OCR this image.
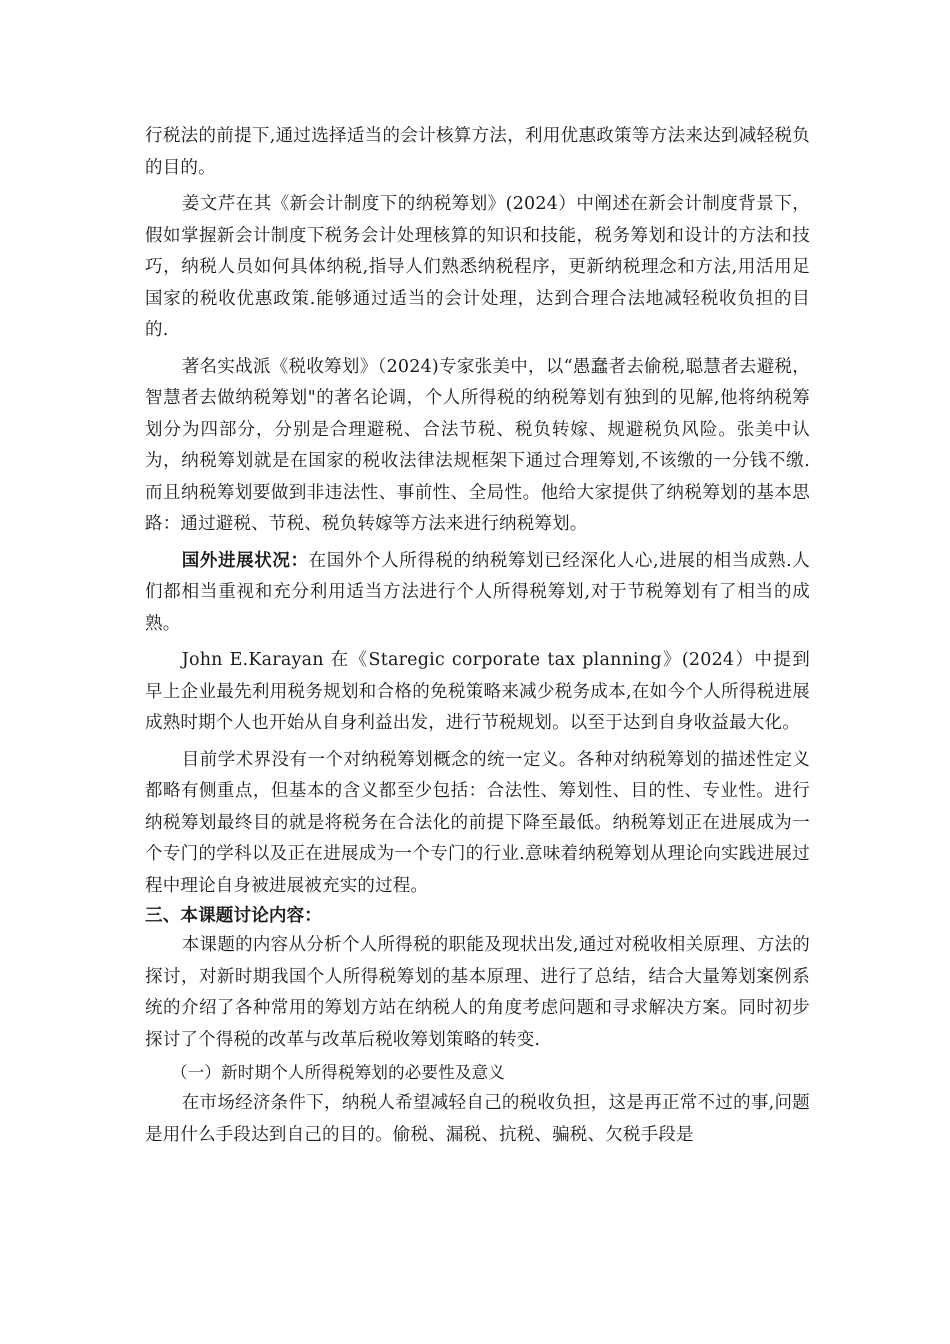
行税法的前提下,通过选择适当的会计核算方法，利用优惠政策等方法来达到减轻税负的目的。

姜文芹在其《新会计制度下的纳税筹划》(2024）中阐述在新会计制度背景下，假如掌握新会计制度下税务会计处理核算的知识和技能，税务筹划和设计的方法和技巧，纳税人员如何具体纳税,指导人们熟悉纳税程序，更新纳税理念和方法,用活用足国家的税收优惠政策.能够通过适当的会计处理，达到合理合法地减轻税收负担的目的.

著名实战派《税收筹划》（2024)专家张美中，以“愚蠢者去偷税,聪慧者去避税，智慧者去做纳税筹划"的著名论调，个人所得税的纳税筹划有独到的见解,他将纳税筹划分为四部分，分别是合理避税、合法节税、税负转嫁、规避税负风险。张美中认为，纳税筹划就是在国家的税收法律法规框架下通过合理筹划,不该缴的一分钱不缴.而且纳税筹划要做到非违法性、事前性、全局性。他给大家提供了纳税筹划的基本思路：通过避税、节税、税负转嫁等方法来进行纳税筹划。

国外进展状况：在国外个人所得税的纳税筹划已经深化人心,进展的相当成熟.人们都相当重视和充分利用适当方法进行个人所得税筹划,对于节税筹划有了相当的成熟。

John E.Karayan 在《Staregic corporate tax planning》(2024）中提到早上企业最先利用税务规划和合格的免税策略来减少税务成本,在如今个人所得税进展成熟时期个人也开始从自身利益出发，进行节税规划。以至于达到自身收益最大化。

目前学术界没有一个对纳税筹划概念的统一定义。各种对纳税筹划的描述性定义都略有侧重点，但基本的含义都至少包括：合法性、筹划性、目的性、专业性。进行纳税筹划最终目的就是将税务在合法化的前提下降至最低。纳税筹划正在进展成为一个专门的学科以及正在进展成为一个专门的行业.意味着纳税筹划从理论向实践进展过程中理论自身被进展被充实的过程。

三、本课题讨论内容：

本课题的内容从分析个人所得税的职能及现状出发,通过对税收相关原理、方法的探讨，对新时期我国个人所得税筹划的基本原理、进行了总结，结合大量筹划案例系统的介绍了各种常用的筹划方站在纳税人的角度考虑问题和寻求解决方案。同时初步探讨了个得税的改革与改革后税收筹划策略的转变.

（一）新时期个人所得税筹划的必要性及意义

在市场经济条件下，纳税人希望减轻自己的税收负担，这是再正常不过的事,问题是用什么手段达到自己的目的。偷税、漏税、抗税、骗税、欠税手段是
